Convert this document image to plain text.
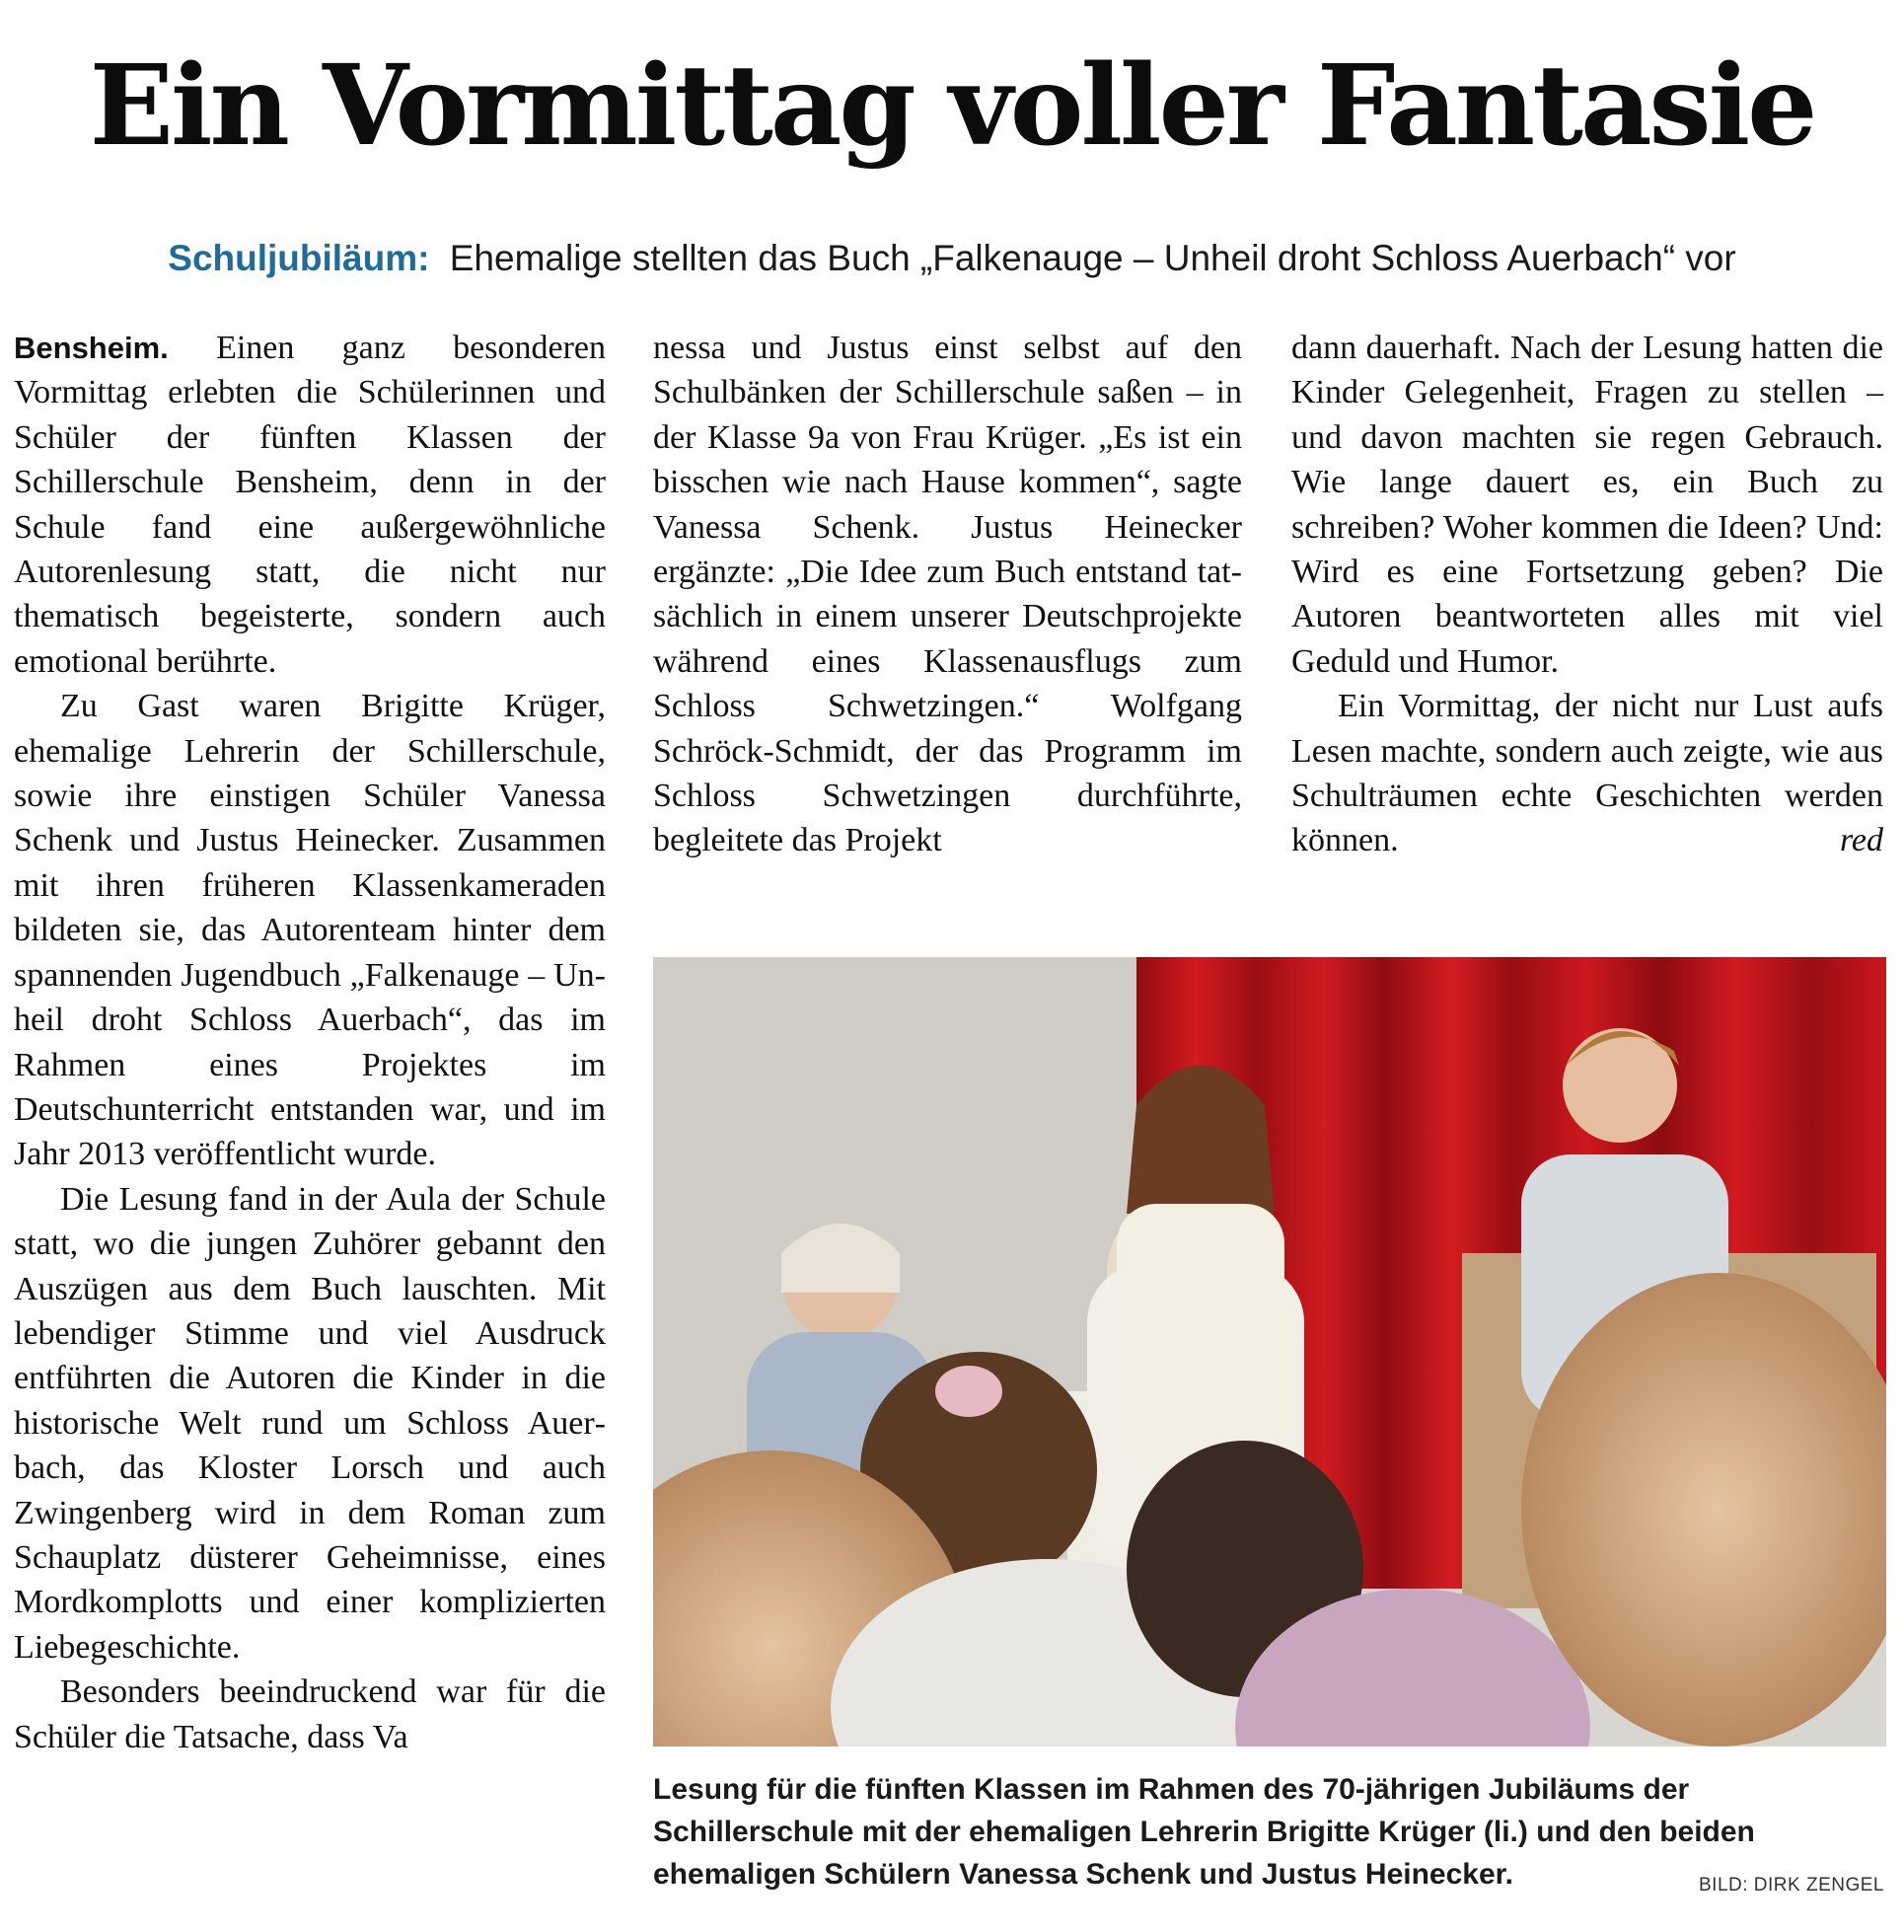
Ein Vormittag voller Fantasie
Schuljubiläum: Ehemalige stellten das Buch „Falkenauge – Unheil droht Schloss Auerbach“ vor

Bensheim. Einen ganz besonderen Vormittag erlebten die Schülerinnen und Schüler der fünften Klassen der Schillerschule Bensheim, denn in der Schule fand eine außergewöhnliche Autorenlesung statt, die nicht nur thematisch begeisterte, sondern auch emotional berührte.

Zu Gast waren Brigitte Krüger, ehemalige Lehrerin der Schillerschule, sowie ihre einstigen Schüler Vanessa Schenk und Justus Heinecker. Zusammen mit ihren früheren Klassenkameraden bildeten sie, das Autorenteam hinter dem spannenden Jugendbuch „Falkenauge – Unheil droht Schloss Auerbach“, das im Rahmen eines Projektes im Deutschunterricht entstanden war, und im Jahr 2013 veröffentlicht wurde.

Die Lesung fand in der Aula der Schule statt, wo die jungen Zuhörer gebannt den Auszügen aus dem Buch lauschten. Mit lebendiger Stimme und viel Ausdruck entführten die Autoren die Kinder in die historische Welt rund um Schloss Auerbach, das Kloster Lorsch und auch Zwingenberg wird in dem Roman zum Schauplatz düsterer Geheimnisse, eines Mordkomplotts und einer komplizierten Liebegeschichte.

Besonders beeindruckend war für die Schüler die Tatsache, dass Va

nessa und Justus einst selbst auf den Schulbänken der Schillerschule saßen – in der Klasse 9a von Frau Krüger. „Es ist ein bisschen wie nach Hause kommen“, sagte Vanessa Schenk. Justus Heinecker ergänzte: „Die Idee zum Buch entstand tatsächlich in einem unserer Deutschprojekte während eines Klassenausflugs zum Schloss Schwetzingen.“ Wolfgang Schröck-Schmidt, der das Programm im Schloss Schwetzingen durchführte, begleitete das Projekt

dann dauerhaft. Nach der Lesung hatten die Kinder Gelegenheit, Fragen zu stellen – und davon machten sie regen Gebrauch. Wie lange dauert es, ein Buch zu schreiben? Woher kommen die Ideen? Und: Wird es eine Fortsetzung geben? Die Autoren beantworteten alles mit viel Geduld und Humor.

Ein Vormittag, der nicht nur Lust aufs Lesen machte, sondern auch zeigte, wie aus Schulträumen echte Geschichten werden können.	red

Lesung für die fünften Klassen im Rahmen des 70-jährigen Jubiläums der Schillerschule mit der ehemaligen Lehrerin Brigitte Krüger (li.) und den beiden ehemaligen Schülern Vanessa Schenk und Justus Heinecker.	BILD: DIRK ZENGEL
